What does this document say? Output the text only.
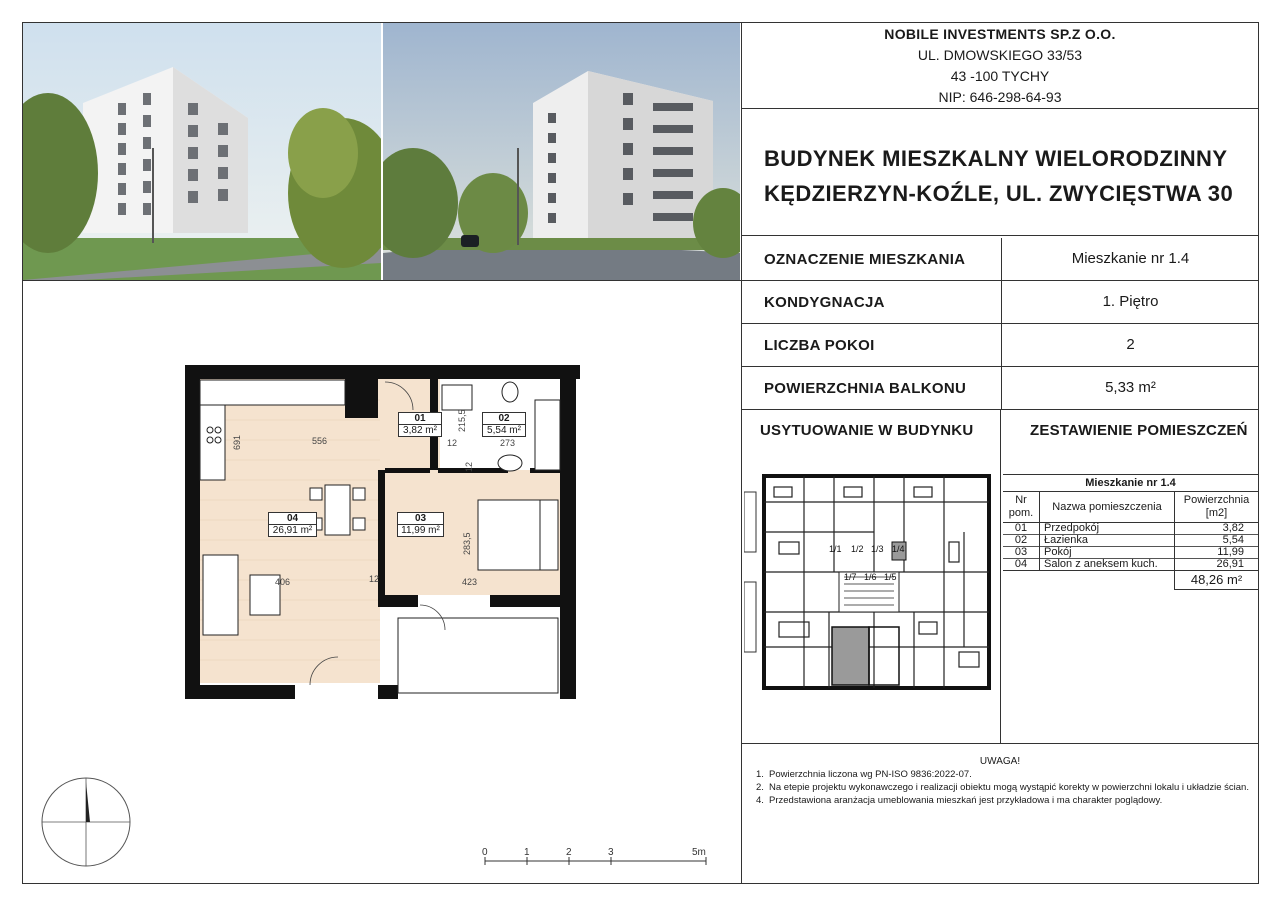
NOBILE INVESTMENTS SP.Z O.O.
UL. DMOWSKIEGO 33/53
43 -100 TYCHY
NIP: 646-298-64-93
BUDYNEK MIESZKALNY WIELORODZINNY
KĘDZIERZYN-KOŹLE, UL. ZWYCIĘSTWA 30
OZNACZENIE MIESZKANIA	Mieszkanie nr 1.4
KONDYGNACJA	1. Piętro
LICZBA POKOI	2
POWIERZCHNIA BALKONU	5,33 m²
USYTUOWANIE W BUDYNKU	ZESTAWIENIE POMIESZCZEŃ
1/1 1/2 1/3 1/4
1/7 1/6 1/5
Mieszkanie nr 1.4
Nr pom.	Nazwa pomieszczenia	Powierzchnia [m2]
01	Przedpokój	3,82
02	Łazienka	5,54
03	Pokój	11,99
04	Salon z aneksem kuch.	26,91
		48,26 m²
UWAGA!
1. Powierzchnia liczona wg PN-ISO 9836:2022-07.
2. Na etepie projektu wykonawczego i realizacji obiektu mogą wystąpić korekty w powierzchni lokalu i układzie ścian.
4. Przedstawiona aranżacja umeblowania mieszkań jest przykładowa i ma charakter poglądowy.
556
691
406	423
283,5
273
215,5
12
12
12
01
3,82 m²
02
5,54 m²
03
11,99 m²
04
26,91 m²
0	1	2	3	5m
